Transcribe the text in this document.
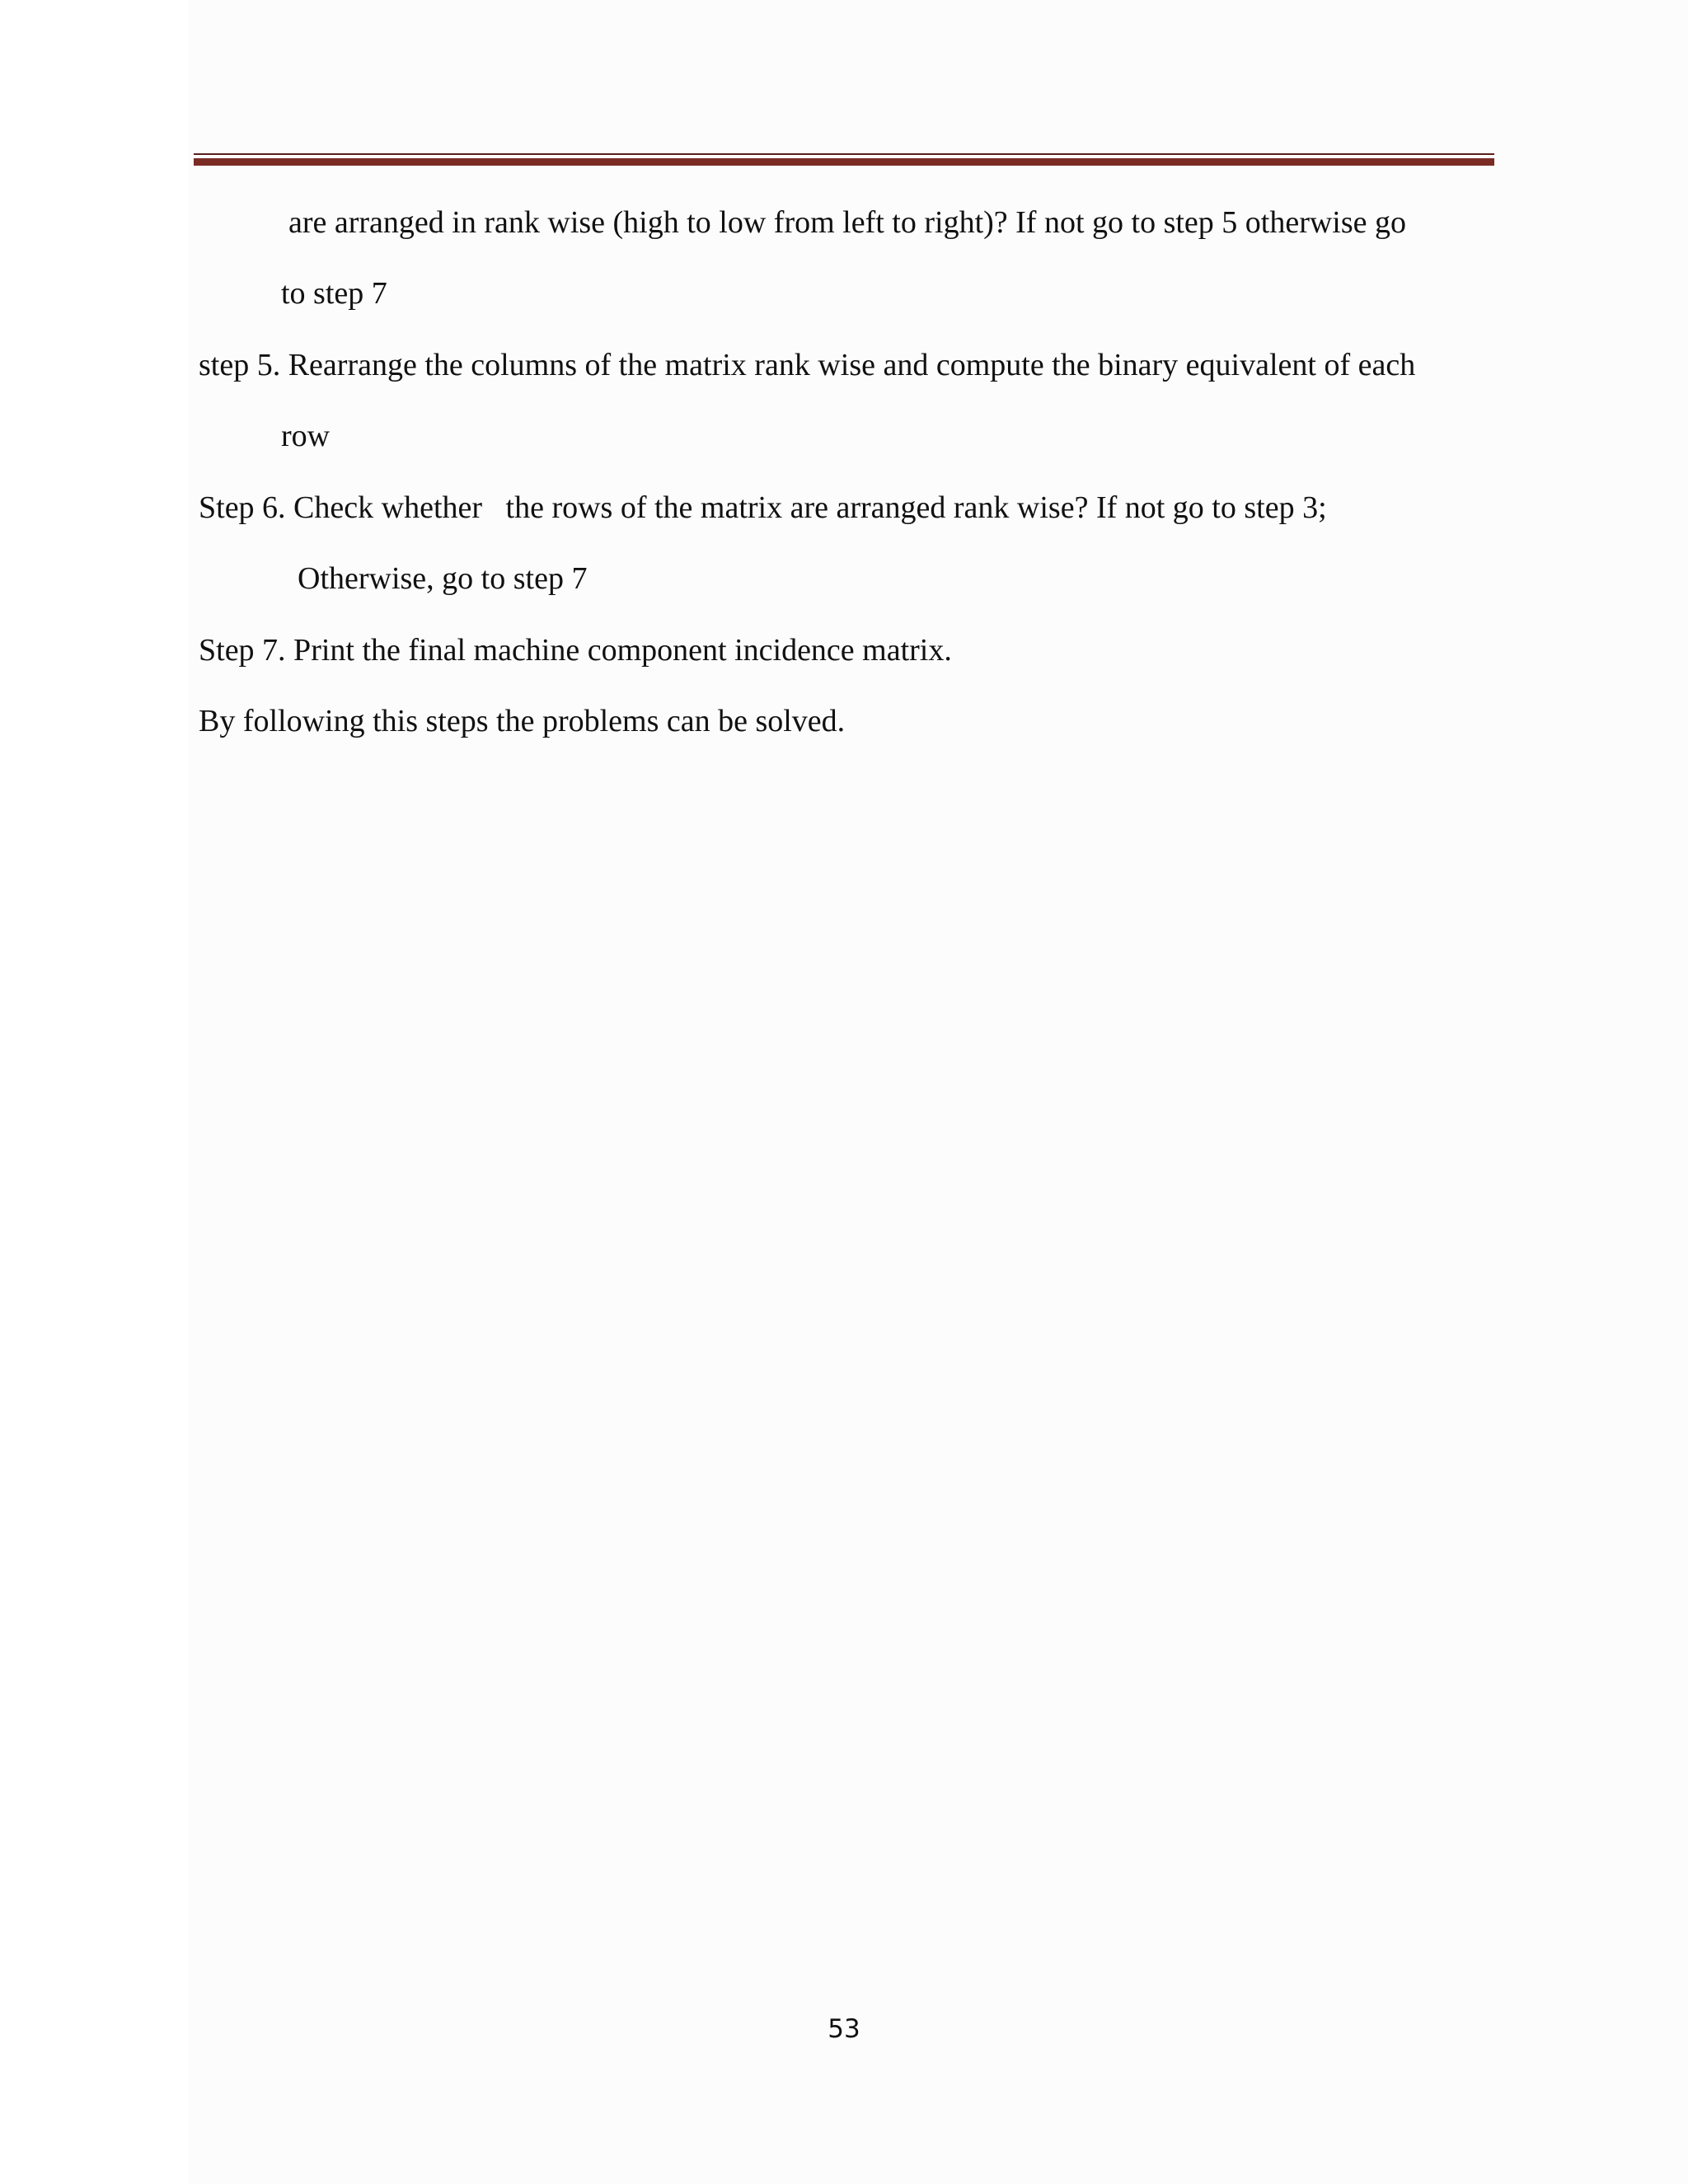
are arranged in rank wise (high to low from left to right)? If not go to step 5 otherwise go
to step 7
step 5. Rearrange the columns of the matrix rank wise and compute the binary equivalent of each
row
Step 6. Check whether   the rows of the matrix are arranged rank wise? If not go to step 3;
Otherwise, go to step 7
Step 7. Print the final machine component incidence matrix.
By following this steps the problems can be solved.
53
